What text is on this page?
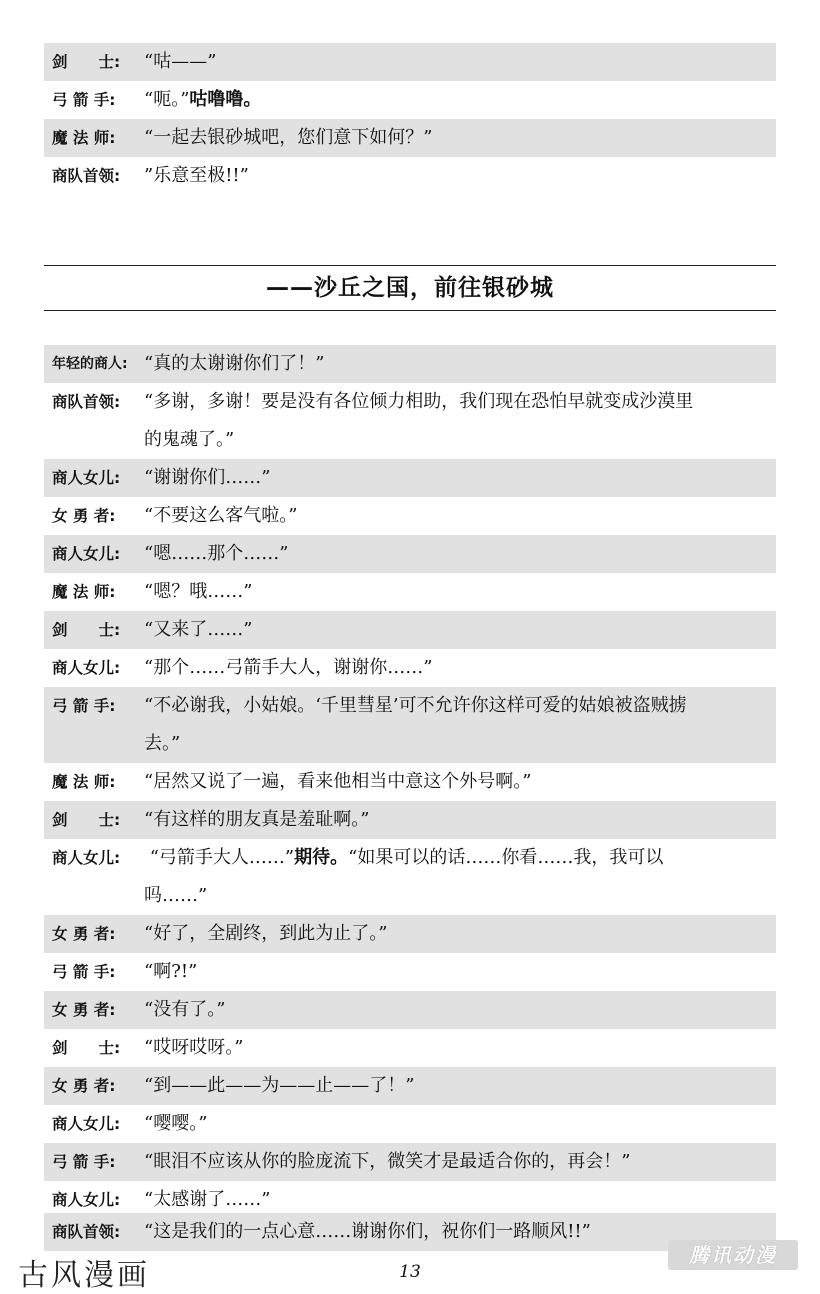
剑　　士:	“咕——”
弓 箭 手:	“呃。”咕噜噜。
魔 法 师:	“一起去银砂城吧，您们意下如何？”
商队首领:	”乐意至极!!”
——沙丘之国，前往银砂城
年轻的商人: “真的太谢谢你们了！”
商队首领:	“多谢，多谢！要是没有各位倾力相助，我们现在恐怕早就变成沙漠里
的鬼魂了。”
商人女儿:	“谢谢你们……”
女 勇 者:	“不要这么客气啦。”
商人女儿:	“嗯……那个……”
魔 法 师:	“嗯？哦……”
剑　　士:	“又来了……”
商人女儿:	“那个……弓箭手大人，谢谢你……”
弓 箭 手:	“不必谢我，小姑娘。‘千里彗星’可不允许你这样可爱的姑娘被盗贼掳
去。”
魔 法 师:	“居然又说了一遍，看来他相当中意这个外号啊。”
剑　　士:	“有这样的朋友真是羞耻啊。”
商人女儿:	“弓箭手大人……”期待。“如果可以的话……你看……我，我可以
吗……”
女 勇 者:	“好了，全剧终，到此为止了。”
弓 箭 手:	“啊?!”
女 勇 者:	“没有了。”
剑　　士:	“哎呀哎呀。”
女 勇 者:	“到——此——为——止——了！”
商人女儿:	“嘤嘤。”
弓 箭 手:	“眼泪不应该从你的脸庞流下，微笑才是最适合你的，再会！”
商人女儿:	“太感谢了……”
商队首领:	“这是我们的一点心意……谢谢你们，祝你们一路顺风!!”
古风漫画	13
腾讯动漫
